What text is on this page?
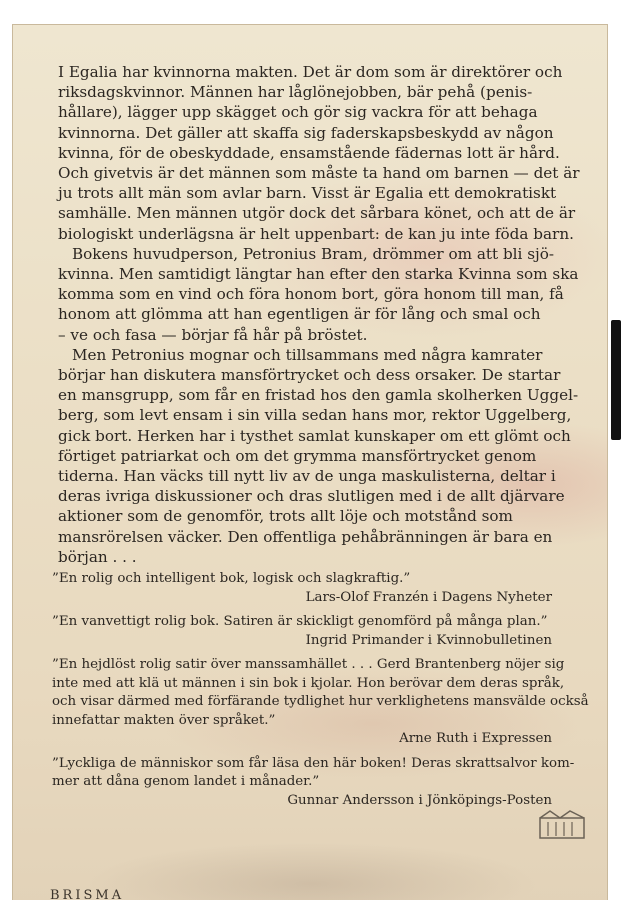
I Egalia har kvinnorna makten. Det är dom som är direktörer och
riksdagskvinnor. Männen har låglönejobben, bär pehå (penis-
hållare), lägger upp skägget och gör sig vackra för att behaga
kvinnorna. Det gäller att skaffa sig faderskapsbeskydd av någon
kvinna, för de obeskyddade, ensamstående fädernas lott är hård.
Och givetvis är det männen som måste ta hand om barnen — det är
ju trots allt män som avlar barn. Visst är Egalia ett demokratiskt
samhälle. Men männen utgör dock det sårbara könet, och att de är
biologiskt underlägsna är helt uppenbart: de kan ju inte föda barn.

Bokens huvudperson, Petronius Bram, drömmer om att bli sjö-
kvinna. Men samtidigt längtar han efter den starka Kvinna som ska
komma som en vind och föra honom bort, göra honom till man, få
honom att glömma att han egentligen är för lång och smal och
– ve och fasa — börjar få hår på bröstet.

Men Petronius mognar och tillsammans med några kamrater
börjar han diskutera mansförtrycket och dess orsaker. De startar
en mansgrupp, som får en fristad hos den gamla skolherken Uggel-
berg, som levt ensam i sin villa sedan hans mor, rektor Uggelberg,
gick bort. Herken har i tysthet samlat kunskaper om ett glömt och
förtiget patriarkat och om det grymma mansförtrycket genom
tiderna. Han väcks till nytt liv av de unga maskulisterna, deltar i
deras ivriga diskussioner och dras slutligen med i de allt djärvare
aktioner som de genomför, trots allt löje och motstånd som
mansrörelsen väcker. Den offentliga pehåbränningen är bara en
början . . .

”En rolig och intelligent bok, logisk och slagkraftig.”
Lars-Olof Franzén i Dagens Nyheter
”En vanvettigt rolig bok. Satiren är skickligt genomförd på många plan.”
Ingrid Primander i Kvinnobulletinen
”En hejdlöst rolig satir över manssamhället . . . Gerd Brantenberg nöjer sig
inte med att klä ut männen i sin bok i kjolar. Hon berövar dem deras språk,
och visar därmed med förfärande tydlighet hur verklighetens mansvälde också
innefattar makten över språket.”
Arne Ruth i Expressen
”Lyckliga de människor som får läsa den här boken! Deras skrattsalvor kom-
mer att dåna genom landet i månader.”
Gunnar Andersson i Jönköpings-Posten
BRISMA
